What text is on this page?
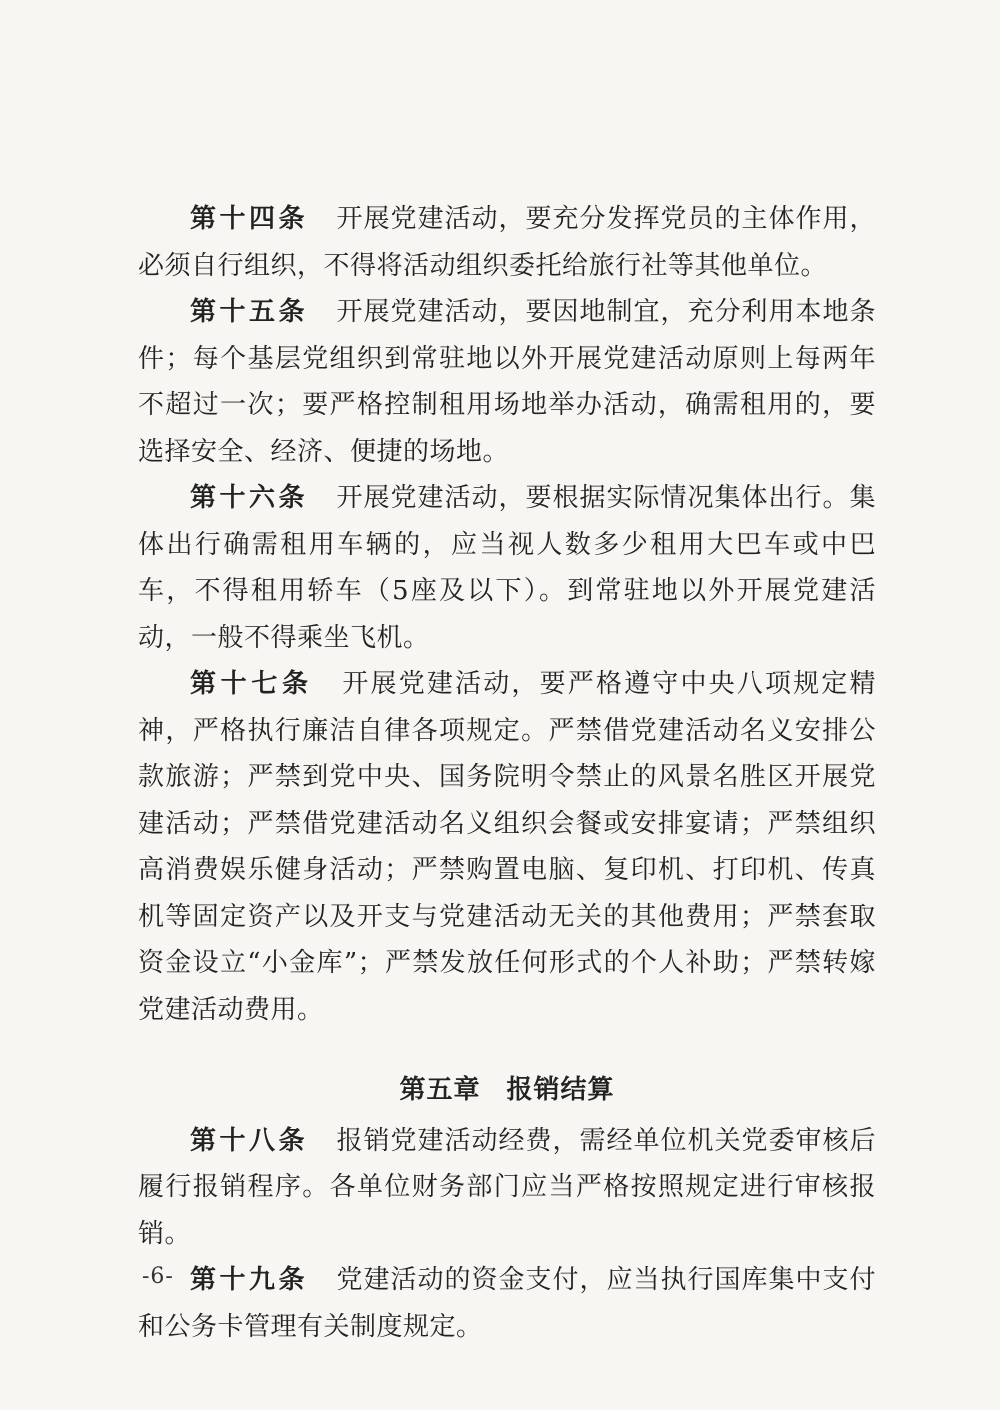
第十四条 开展党建活动，要充分发挥党员的主体作用，必须自行组织，不得将活动组织委托给旅行社等其他单位。

第十五条 开展党建活动，要因地制宜，充分利用本地条件；每个基层党组织到常驻地以外开展党建活动原则上每两年不超过一次；要严格控制租用场地举办活动，确需租用的，要选择安全、经济、便捷的场地。

第十六条 开展党建活动，要根据实际情况集体出行。集体出行确需租用车辆的，应当视人数多少租用大巴车或中巴车，不得租用轿车（5座及以下）。到常驻地以外开展党建活动，一般不得乘坐飞机。

第十七条 开展党建活动，要严格遵守中央八项规定精神，严格执行廉洁自律各项规定。严禁借党建活动名义安排公款旅游；严禁到党中央、国务院明令禁止的风景名胜区开展党建活动；严禁借党建活动名义组织会餐或安排宴请；严禁组织高消费娱乐健身活动；严禁购置电脑、复印机、打印机、传真机等固定资产以及开支与党建活动无关的其他费用；严禁套取资金设立“小金库”；严禁发放任何形式的个人补助；严禁转嫁党建活动费用。

第五章 报销结算

第十八条 报销党建活动经费，需经单位机关党委审核后履行报销程序。各单位财务部门应当严格按照规定进行审核报销。

第十九条 党建活动的资金支付，应当执行国库集中支付和公务卡管理有关制度规定。

-6-
